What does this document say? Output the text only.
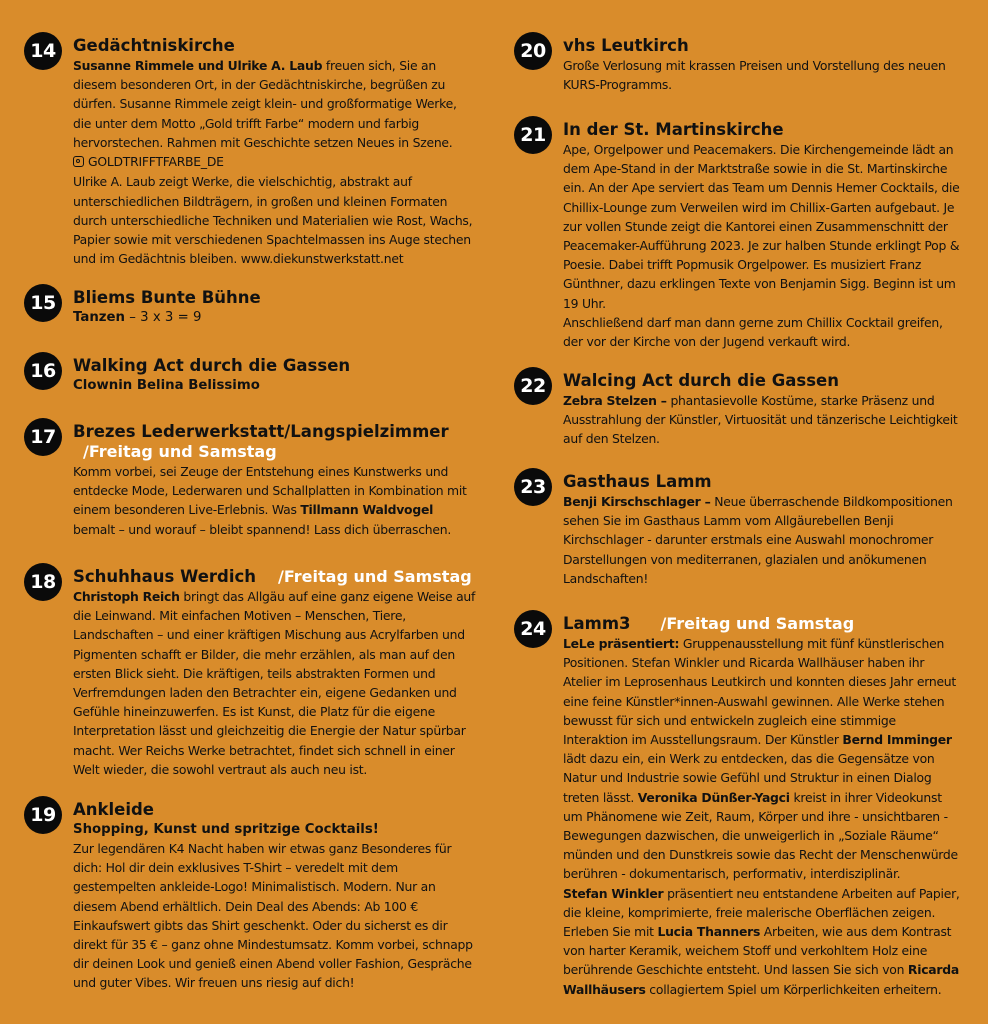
14	Gedächtniskirche

Susanne Rimmele und Ulrike A. Laub freuen sich, Sie an diesem besonderen Ort, in der Gedächtniskirche, begrüßen zu dürfen. Susanne Rimmele zeigt klein- und großformatige Werke, die unter dem Motto „Gold trifft Farbe“ modern und farbig hervorstechen. Rahmen mit Geschichte setzen Neues in Szene.

GOLDTRIFFTFARBE_DE

Ulrike A. Laub zeigt Werke, die vielschichtig, abstrakt auf unterschiedlichen Bildträgern, in großen und kleinen Formaten durch unterschiedliche Techniken und Materialien wie Rost, Wachs, Papier sowie mit verschiedenen Spachtelmassen ins Auge stechen und im Gedächtnis bleiben. www.diekunstwerkstatt.net

15	Bliems Bunte Bühne
Tanzen – 3 x 3 = 9
16	Walking Act durch die Gassen
Clownin Belina Belissimo
17	Brezes Lederwerkstatt/Langspielzimmer
/Freitag und Samstag

Komm vorbei, sei Zeuge der Entstehung eines Kunstwerks und entdecke Mode, Lederwaren und Schallplatten in Kombination mit einem besonderen Live-Erlebnis. Was Tillmann Waldvogel bemalt – und worauf – bleibt spannend! Lass dich überraschen.

18	Schuhhaus Werdich /Freitag und Samstag

Christoph Reich bringt das Allgäu auf eine ganz eigene Weise auf die Leinwand. Mit einfachen Motiven – Menschen, Tiere, Landschaften – und einer kräftigen Mischung aus Acrylfarben und Pigmenten schafft er Bilder, die mehr erzählen, als man auf den ersten Blick sieht. Die kräftigen, teils abstrakten Formen und Verfremdungen laden den Betrachter ein, eigene Gedanken und Gefühle hineinzuwerfen. Es ist Kunst, die Platz für die eigene Interpretation lässt und gleichzeitig die Energie der Natur spürbar macht. Wer Reichs Werke betrachtet, findet sich schnell in einer Welt wieder, die sowohl vertraut als auch neu ist.

19	Ankleide
Shopping, Kunst und spritzige Cocktails!

Zur legendären K4 Nacht haben wir etwas ganz Besonderes für dich: Hol dir dein exklusives T-Shirt – veredelt mit dem gestempelten ankleide-Logo! Minimalistisch. Modern. Nur an diesem Abend erhältlich. Dein Deal des Abends: Ab 100 € Einkaufswert gibts das Shirt geschenkt. Oder du sicherst es dir direkt für 35 € – ganz ohne Mindestumsatz. Komm vorbei, schnapp dir deinen Look und genieß einen Abend voller Fashion, Gespräche und guter Vibes. Wir freuen uns riesig auf dich!

20	vhs Leutkirch

Große Verlosung mit krassen Preisen und Vorstellung des neuen KURS-Programms.

21	In der St. Martinskirche

Ape, Orgelpower und Peacemakers. Die Kirchengemeinde lädt an dem Ape-Stand in der Marktstraße sowie in die St. Martinskirche ein. An der Ape serviert das Team um Dennis Hemer Cocktails, die Chillix-Lounge zum Verweilen wird im Chillix-Garten aufgebaut. Je zur vollen Stunde zeigt die Kantorei einen Zusammenschnitt der Peacemaker-Aufführung 2023. Je zur halben Stunde erklingt Pop & Poesie. Dabei trifft Popmusik Orgelpower. Es musiziert Franz Günthner, dazu erklingen Texte von Benjamin Sigg. Beginn ist um 19 Uhr.

Anschließend darf man dann gerne zum Chillix Cocktail greifen, der vor der Kirche von der Jugend verkauft wird.

22	Walcing Act durch die Gassen

Zebra Stelzen – phantasievolle Kostüme, starke Präsenz und Ausstrahlung der Künstler, Virtuosität und tänzerische Leichtigkeit auf den Stelzen.

23	Gasthaus Lamm

Benji Kirschschlager – Neue überraschende Bildkompositionen sehen Sie im Gasthaus Lamm vom Allgäurebellen Benji Kirchschlager - darunter erstmals eine Auswahl monochromer Darstellungen von mediterranen, glazialen und anökumenen Landschaften!

24	Lamm3 /Freitag und Samstag

LeLe präsentiert: Gruppenausstellung mit fünf künstlerischen Positionen. Stefan Winkler und Ricarda Wallhäuser haben ihr Atelier im Leprosenhaus Leutkirch und konnten dieses Jahr erneut eine feine Künstler*innen-Auswahl gewinnen. Alle Werke stehen bewusst für sich und entwickeln zugleich eine stimmige Interaktion im Ausstellungsraum. Der Künstler Bernd Imminger lädt dazu ein, ein Werk zu entdecken, das die Gegensätze von Natur und Industrie sowie Gefühl und Struktur in einen Dialog treten lässt. Veronika Dünßer-Yagci kreist in ihrer Videokunst um Phänomene wie Zeit, Raum, Körper und ihre - unsichtbaren - Bewegungen dazwischen, die unweigerlich in „Soziale Räume“ münden und den Dunstkreis sowie das Recht der Menschenwürde berühren - dokumentarisch, performativ, interdisziplinär.

Stefan Winkler präsentiert neu entstandene Arbeiten auf Papier, die kleine, komprimierte, freie malerische Oberflächen zeigen. Erleben Sie mit Lucia Thanners Arbeiten, wie aus dem Kontrast von harter Keramik, weichem Stoff und verkohltem Holz eine berührende Geschichte entsteht. Und lassen Sie sich von Ricarda Wallhäusers collagiertem Spiel um Körperlichkeiten erheitern.
